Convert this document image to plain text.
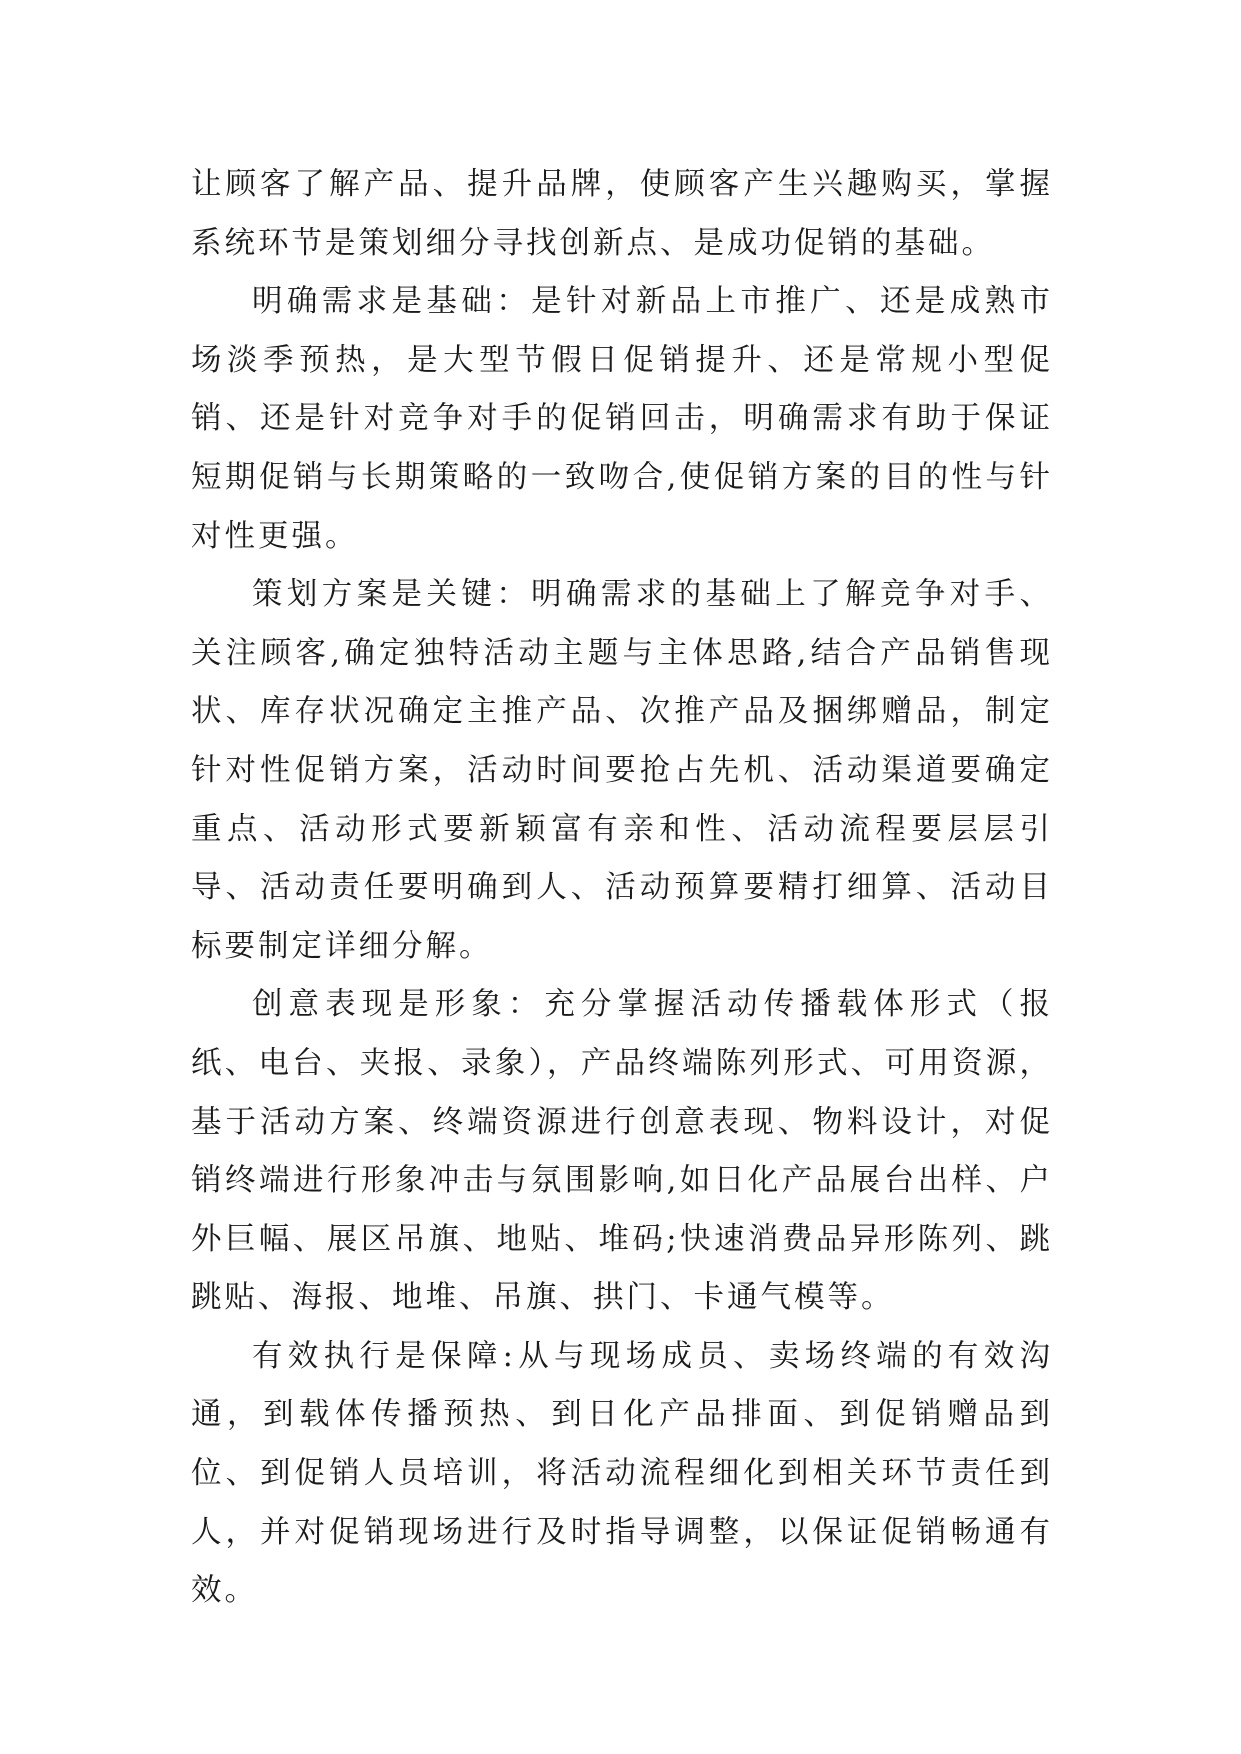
让顾客了解产品、提升品牌，使顾客产生兴趣购买，掌握系统环节是策划细分寻找创新点、是成功促销的基础。

明确需求是基础：是针对新品上市推广、还是成熟市场淡季预热，是大型节假日促销提升、还是常规小型促销、还是针对竞争对手的促销回击，明确需求有助于保证短期促销与长期策略的一致吻合,使促销方案的目的性与针对性更强。

策划方案是关键：明确需求的基础上了解竞争对手、关注顾客,确定独特活动主题与主体思路,结合产品销售现状、库存状况确定主推产品、次推产品及捆绑赠品，制定针对性促销方案，活动时间要抢占先机、活动渠道要确定重点、活动形式要新颖富有亲和性、活动流程要层层引导、活动责任要明确到人、活动预算要精打细算、活动目标要制定详细分解。

创意表现是形象：充分掌握活动传播载体形式（报纸、电台、夹报、录象），产品终端陈列形式、可用资源，基于活动方案、终端资源进行创意表现、物料设计，对促销终端进行形象冲击与氛围影响,如日化产品展台出样、户外巨幅、展区吊旗、地贴、堆码;快速消费品异形陈列、跳跳贴、海报、地堆、吊旗、拱门、卡通气模等。

有效执行是保障:从与现场成员、卖场终端的有效沟通，到载体传播预热、到日化产品排面、到促销赠品到位、到促销人员培训，将活动流程细化到相关环节责任到人，并对促销现场进行及时指导调整，以保证促销畅通有效。
